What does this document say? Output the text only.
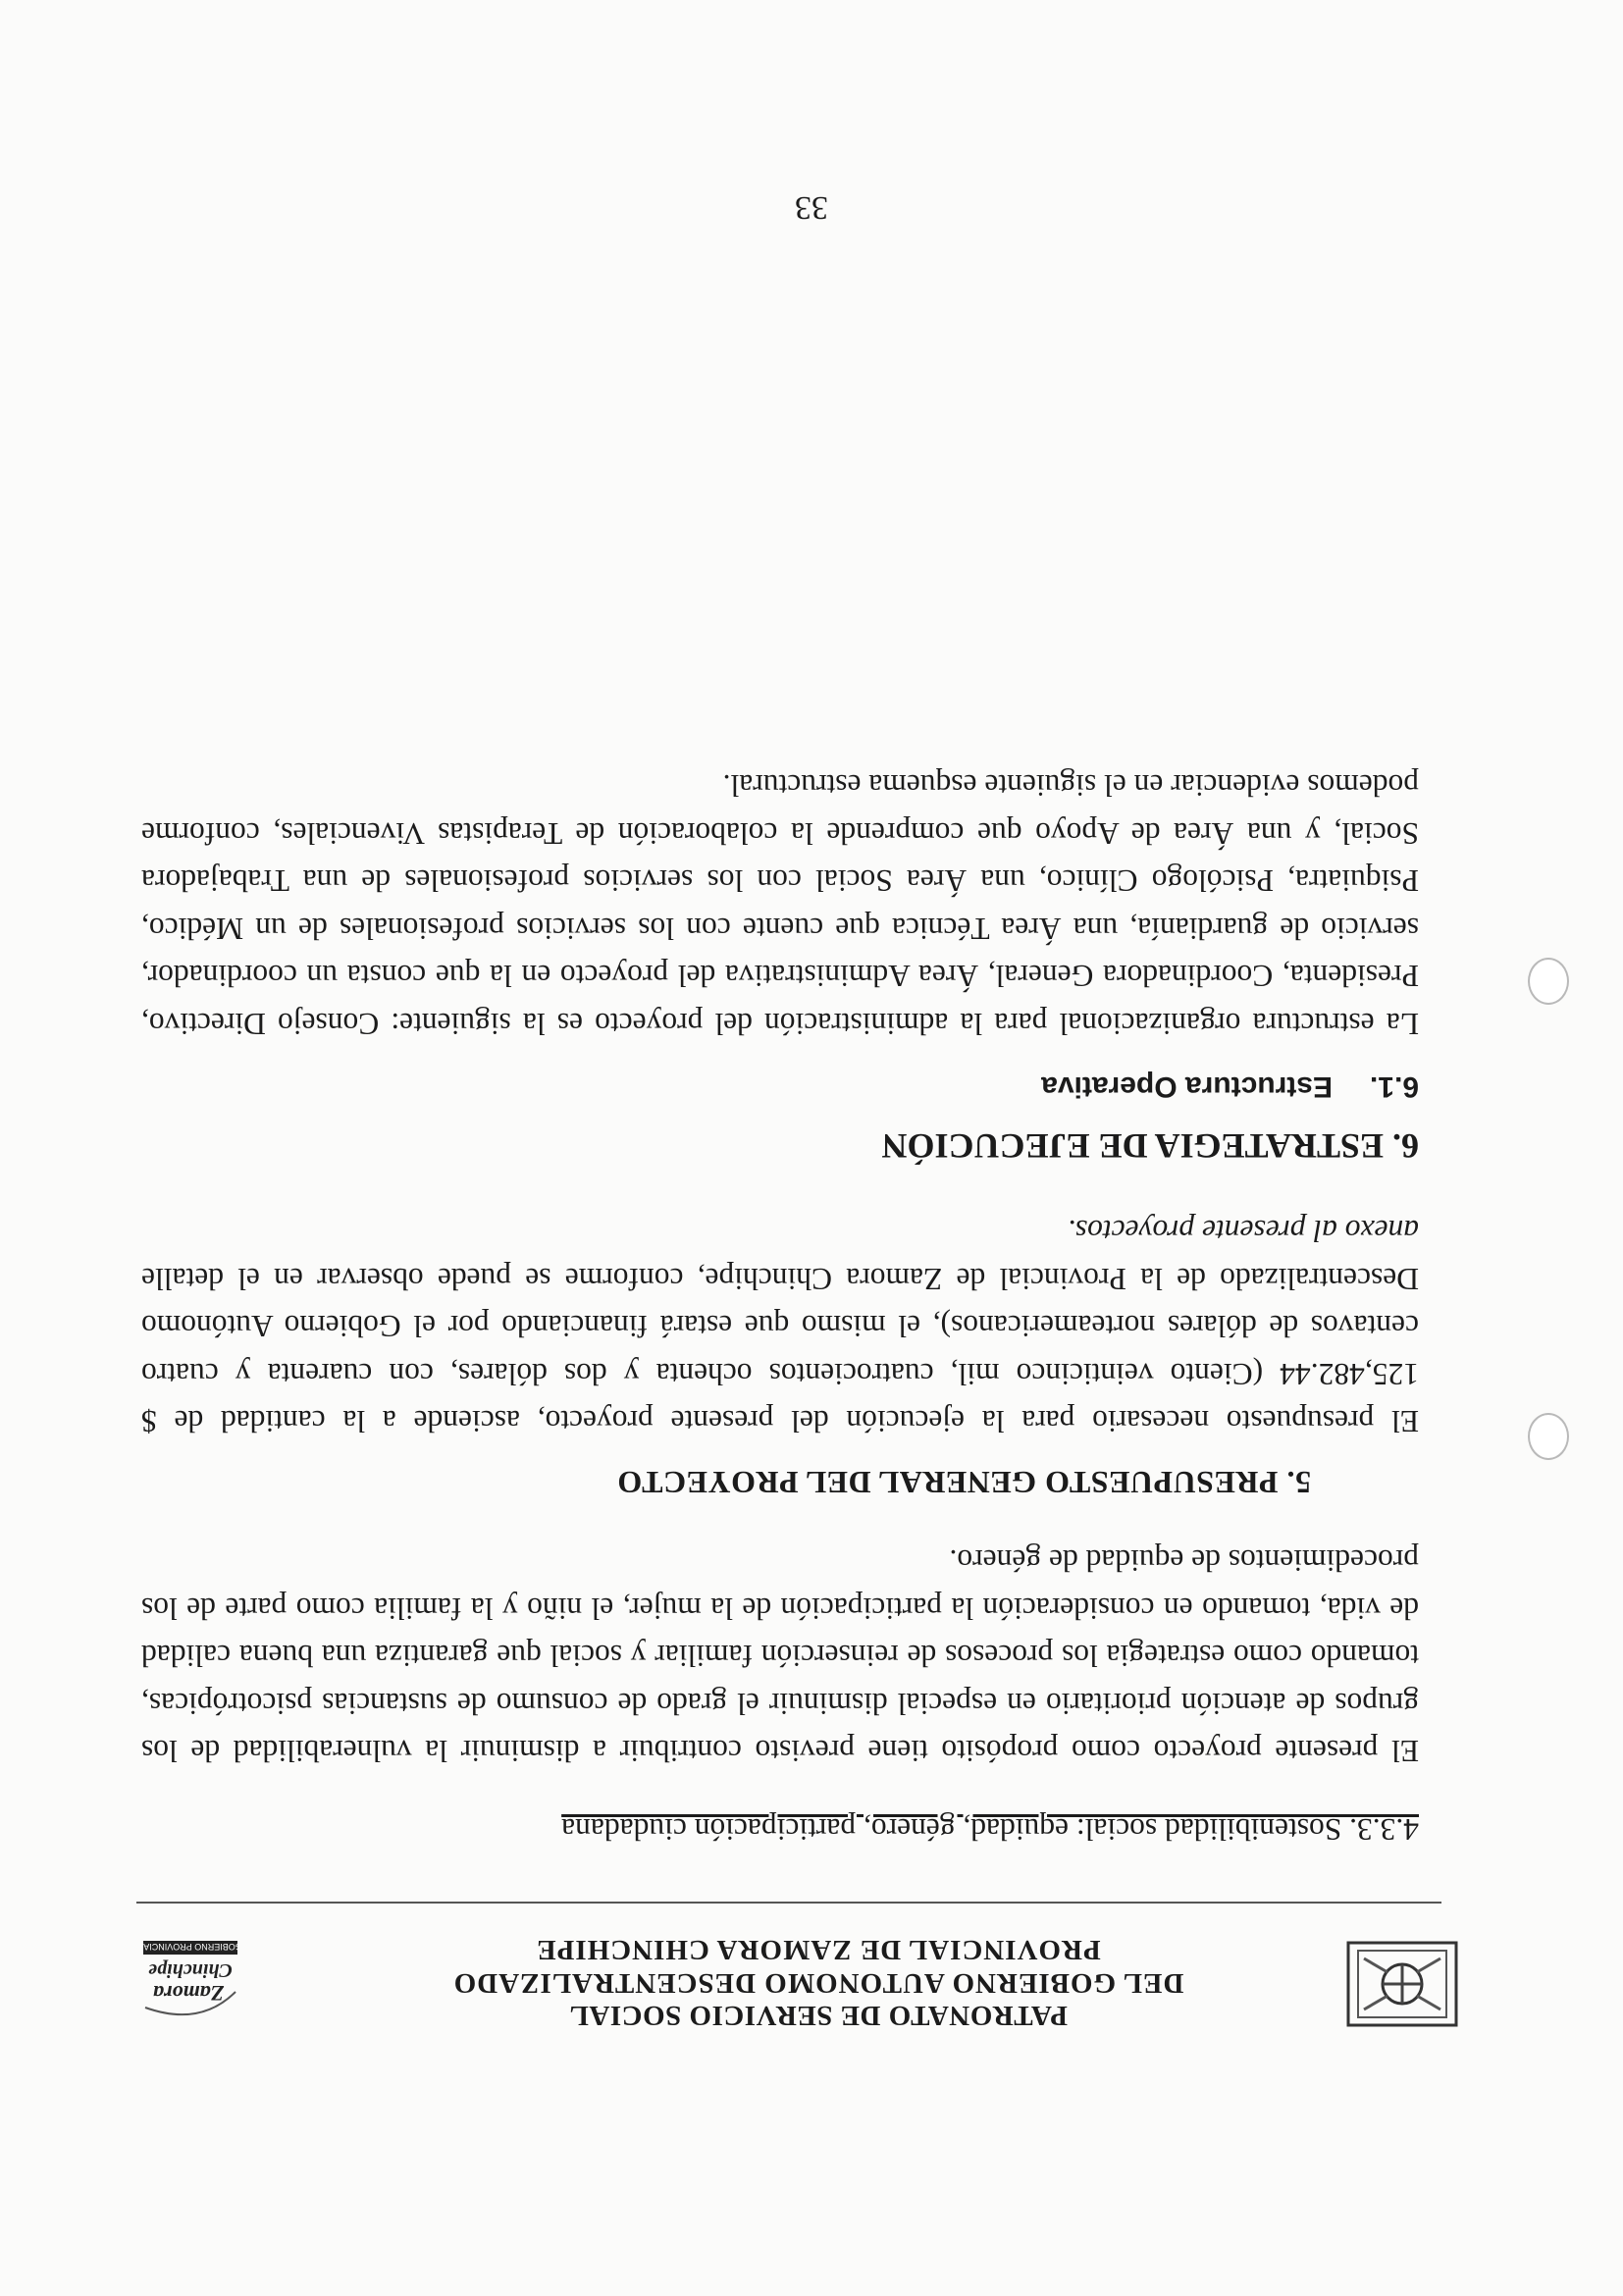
PATRONATO DE SERVICIO SOCIAL
DEL GOBIERNO AUTONOMO DESCENTRALIZADO
PROVINCIAL DE ZAMORA CHINCHIPE
Zamora
Chinchipe
GOBIERNO PROVINCIAL
4.3.3. Sostenibilidad social: equidad, género, participación ciudadana

El presente proyecto como propósito tiene previsto contribuir a disminuir la vulnerabilidad de los grupos de atención prioritario en especial disminuir el grado de consumo de sustancias psicotrópicas, tomando como estrategia los procesos de reinserción familiar y social que garantiza una buena calidad de vida, tomando en consideración la participación de la mujer, el niño y la familia como parte de los procedimientos de equidad de género.

5. PRESUPUESTO GENERAL DEL PROYECTO

El presupuesto necesario para la ejecución del presente proyecto, asciende a la cantidad de $ 125,482.44 (Ciento veinticinco mil, cuatrocientos ochenta y dos dólares, con cuarenta y cuatro centavos de dólares norteamericanos), el mismo que estará financiando por el Gobierno Autónomo Descentralizado de la Provincial de Zamora Chinchipe, conforme se puede observar en el detalle anexo al presente proyectos.

6. ESTRATEGIA DE EJECUCIÓN
6.1.Estructura Operativa

La estructura organizacional para la administración del proyecto es la siguiente: Consejo Directivo, Presidenta, Coordinadora General, Área Administrativa del proyecto en la que consta un coordinador, servicio de guardianía, una Área Técnica que cuente con los servicios profesionales de un Médico, Psiquiatra, Psicólogo Clínico, una Área Social con los servicios profesionales de una Trabajadora Social, y una Área de Apoyo que comprende la colaboración de Terapistas Vivenciales, conforme podemos evidenciar en el siguiente esquema estructural.

33
